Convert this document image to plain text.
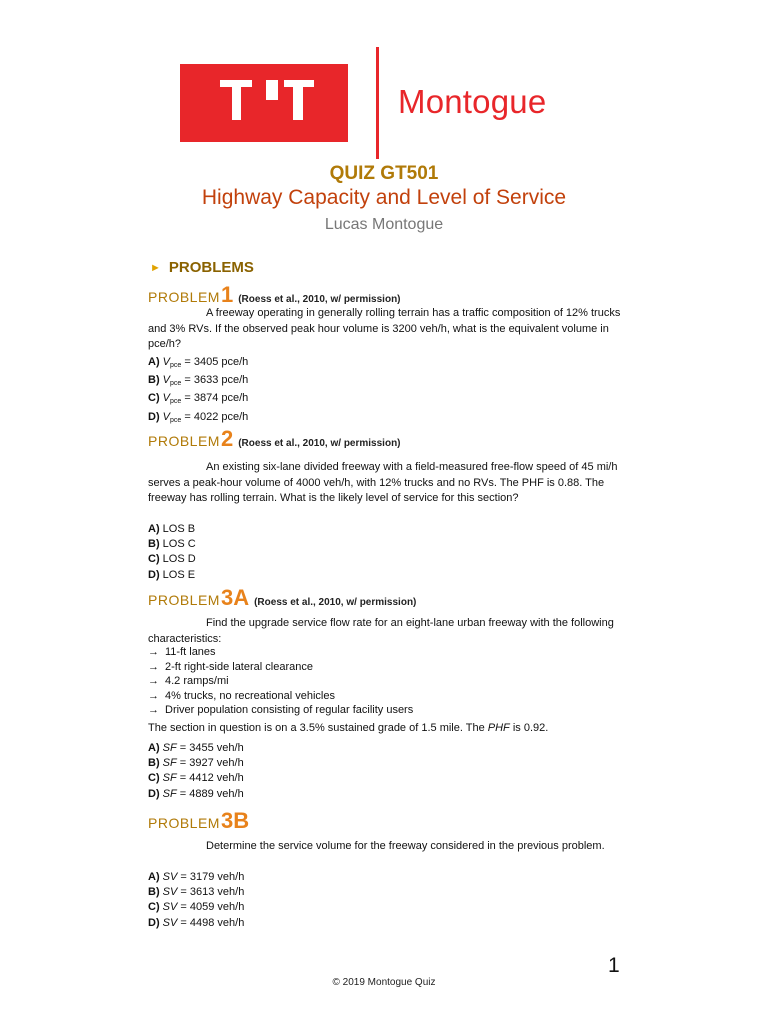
Montogue
QUIZ GT501
Highway Capacity and Level of Service
Lucas Montogue
► PROBLEMS
PROBLEM1 (Roess et al., 2010, w/ permission)

A freeway operating in generally rolling terrain has a traffic composition of 12% trucks and 3% RVs. If the observed peak hour volume is 3200 veh/h, what is the equivalent volume in pce/h?

A) $V_{pce} = 3405$ pce/h
B) $V_{pce} = 3633$ pce/h
C) $V_{pce} = 3874$ pce/h
D) $V_{pce} = 4022$ pce/h
PROBLEM2 (Roess et al., 2010, w/ permission)

An existing six-lane divided freeway with a field-measured free-flow speed of 45 mi/h serves a peak-hour volume of 4000 veh/h, with 12% trucks and no RVs. The PHF is 0.88. The freeway has rolling terrain. What is the likely level of service for this section?

A) LOS B
B) LOS C
C) LOS D
D) LOS E
PROBLEM3A (Roess et al., 2010, w/ permission)

Find the upgrade service flow rate for an eight-lane urban freeway with the following characteristics:

→ 11-ft lanes
→ 2-ft right-side lateral clearance
→ 4.2 ramps/mi
→ 4% trucks, no recreational vehicles
→ Driver population consisting of regular facility users
The section in question is on a 3.5% sustained grade of 1.5 mile. The PHF is 0.92.
A) SF = 3455 veh/h
B) SF = 3927 veh/h
C) SF = 4412 veh/h
D) SF = 4889 veh/h
PROBLEM3B

Determine the service volume for the freeway considered in the previous problem.

A) SV = 3179 veh/h
B) SV = 3613 veh/h
C) SV = 4059 veh/h
D) SV = 4498 veh/h
1
© 2019 Montogue Quiz
